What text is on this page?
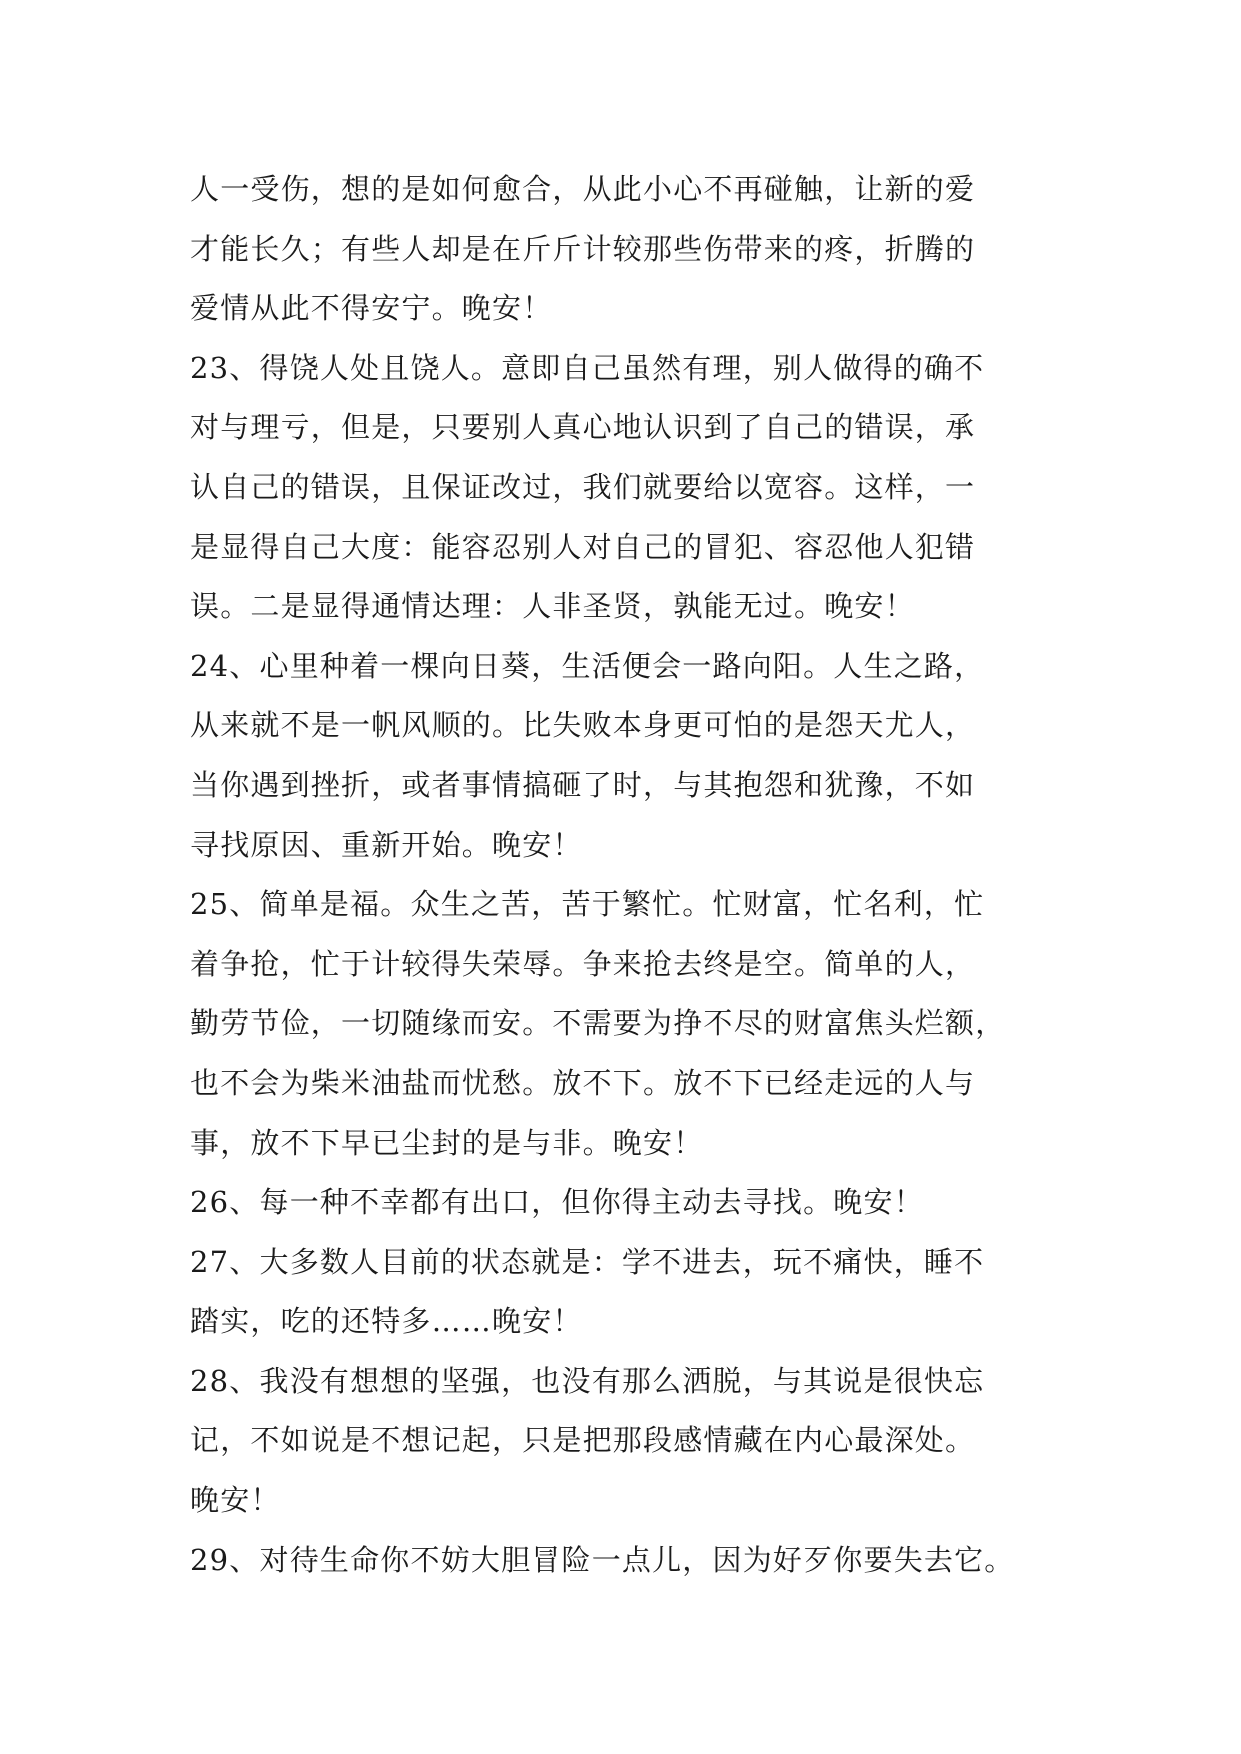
人一受伤，想的是如何愈合，从此小心不再碰触，让新的爱
才能长久；有些人却是在斤斤计较那些伤带来的疼，折腾的
爱情从此不得安宁。晚安！
23、得饶人处且饶人。意即自己虽然有理，别人做得的确不
对与理亏，但是，只要别人真心地认识到了自己的错误，承
认自己的错误，且保证改过，我们就要给以宽容。这样，一
是显得自己大度：能容忍别人对自己的冒犯、容忍他人犯错
误。二是显得通情达理：人非圣贤，孰能无过。晚安！
24、心里种着一棵向日葵，生活便会一路向阳。人生之路，
从来就不是一帆风顺的。比失败本身更可怕的是怨天尤人，
当你遇到挫折，或者事情搞砸了时，与其抱怨和犹豫，不如
寻找原因、重新开始。晚安！
25、简单是福。众生之苦，苦于繁忙。忙财富，忙名利，忙
着争抢，忙于计较得失荣辱。争来抢去终是空。简单的人，
勤劳节俭，一切随缘而安。不需要为挣不尽的财富焦头烂额，
也不会为柴米油盐而忧愁。放不下。放不下已经走远的人与
事，放不下早已尘封的是与非。晚安！
26、每一种不幸都有出口，但你得主动去寻找。晚安！
27、大多数人目前的状态就是：学不进去，玩不痛快，睡不
踏实，吃的还特多……晚安！
28、我没有想想的坚强，也没有那么洒脱，与其说是很快忘
记，不如说是不想记起，只是把那段感情藏在内心最深处。
晚安！
29、对待生命你不妨大胆冒险一点儿，因为好歹你要失去它。
